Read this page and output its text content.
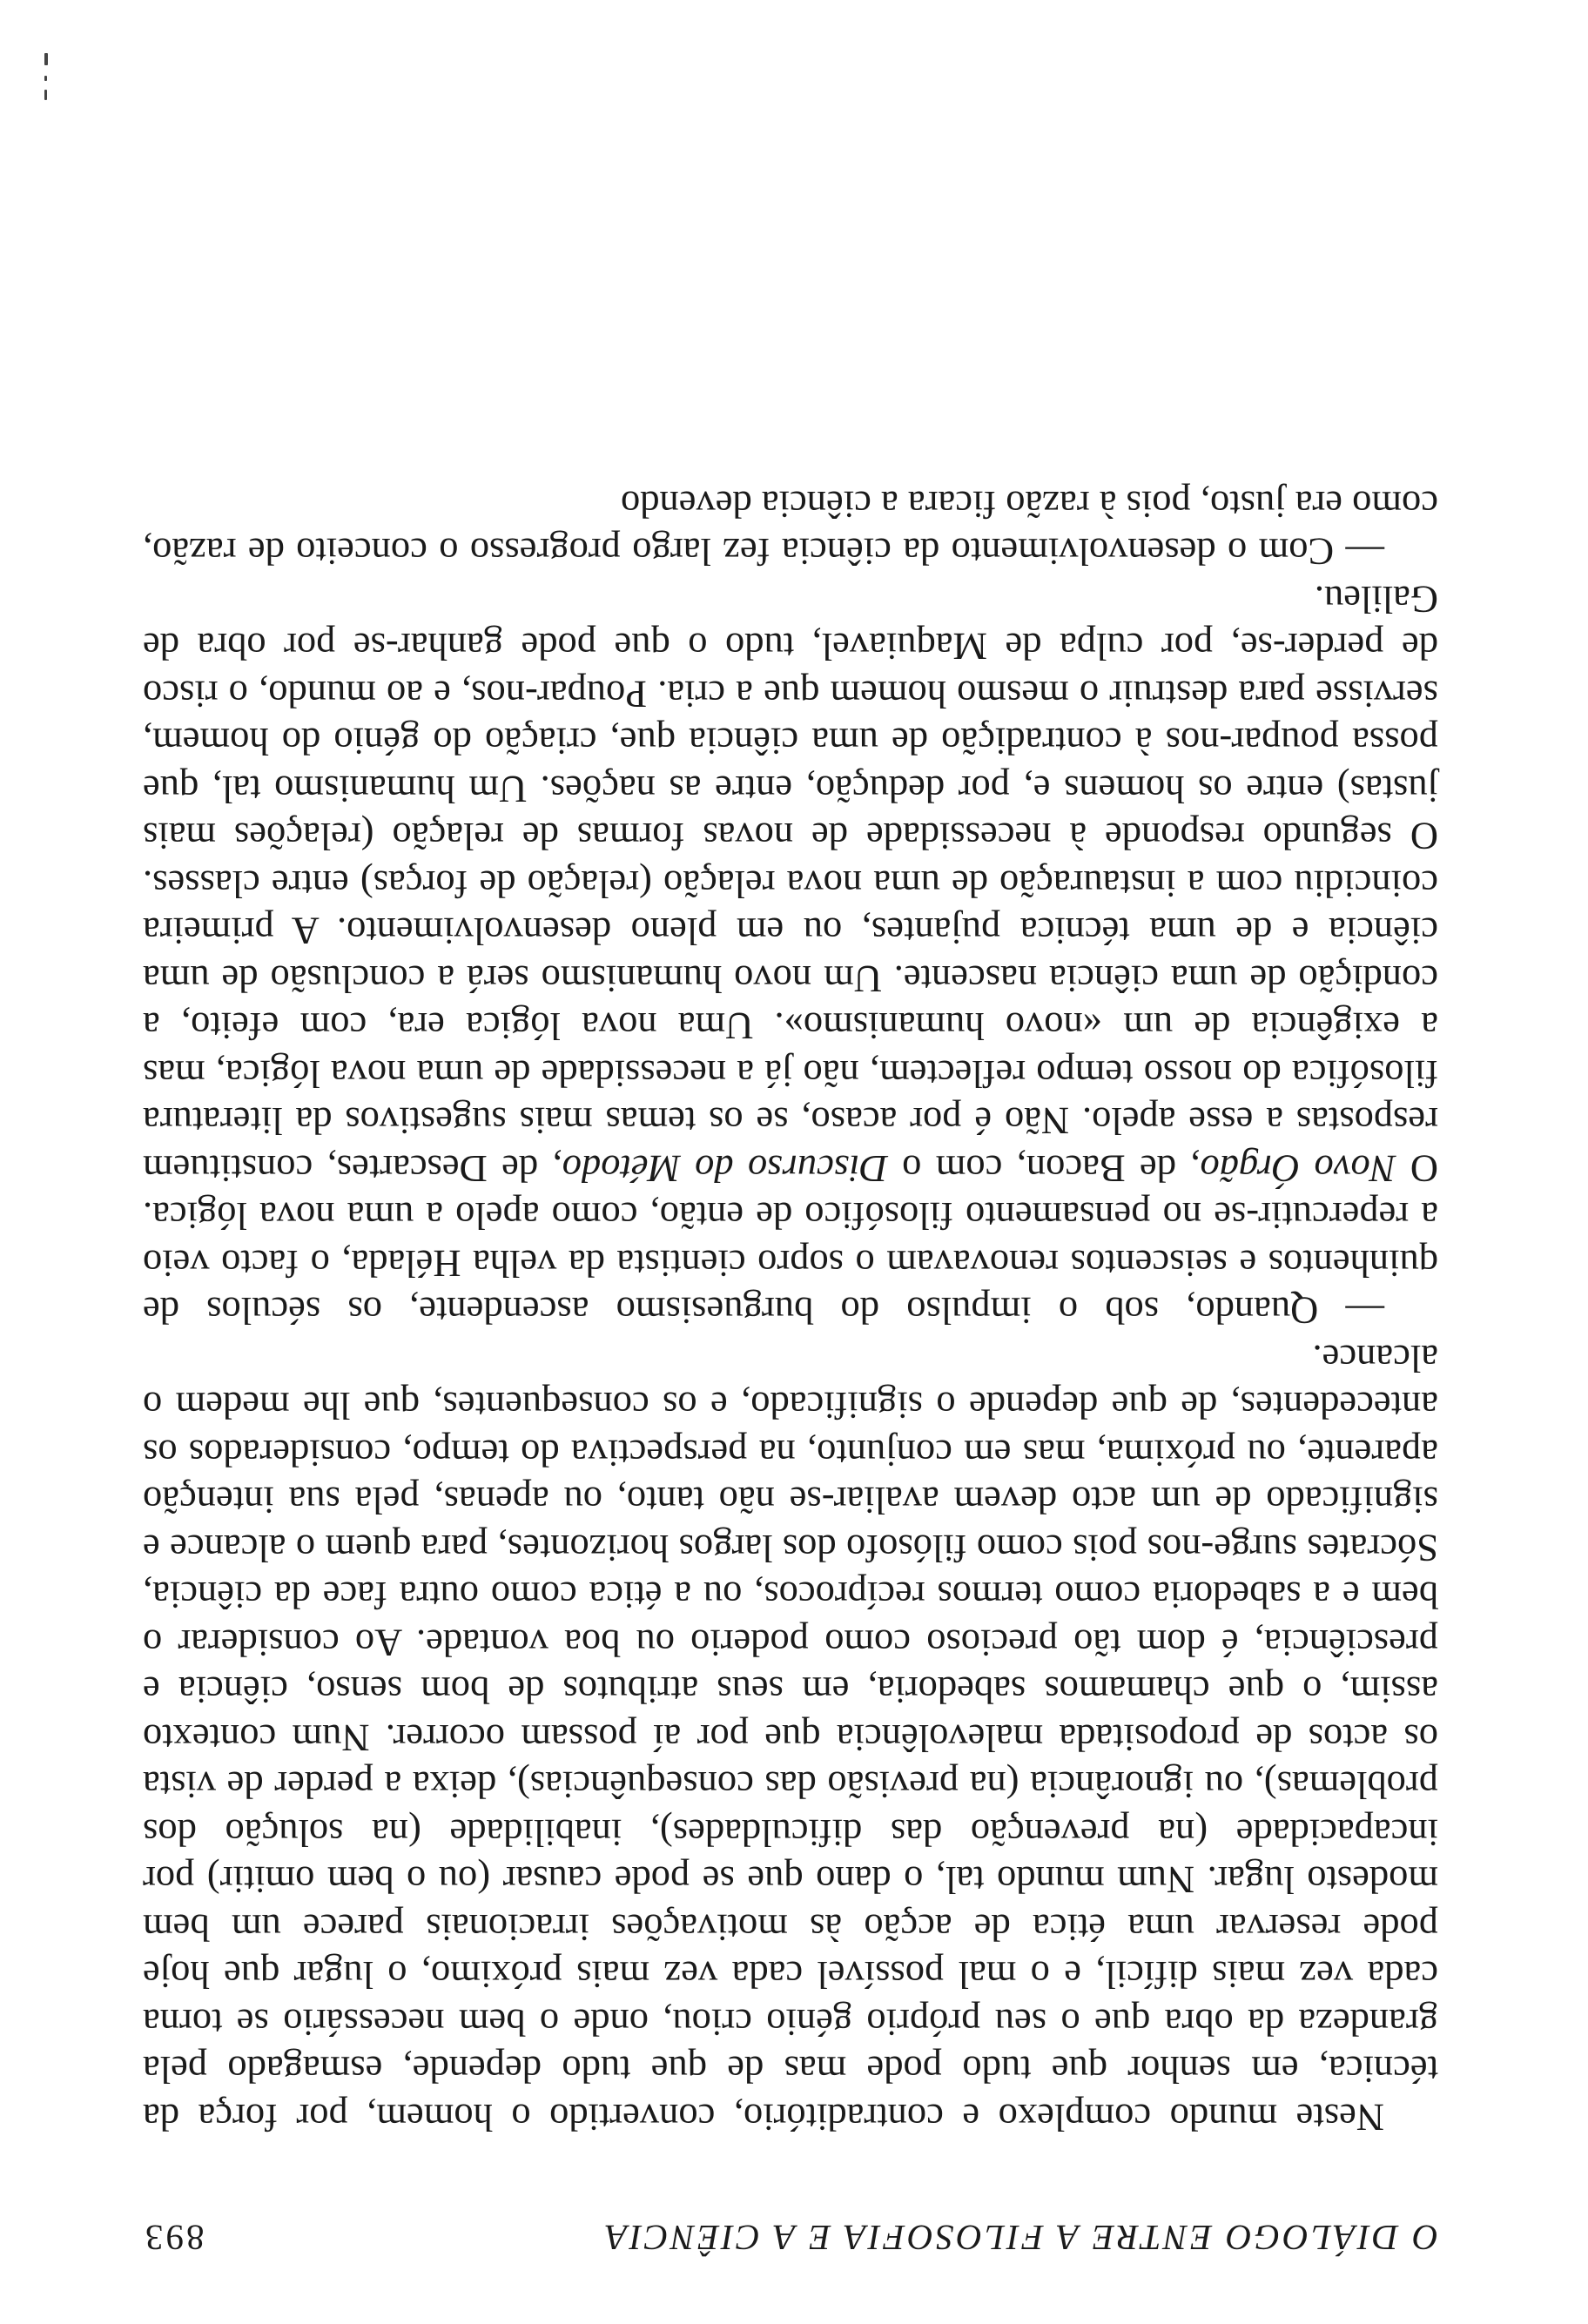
O DIÁLOGO ENTRE A FILOSOFIA E A CIÊNCIA
893

Neste mundo complexo e contraditório, convertido o homem, por força da técnica, em senhor que tudo pode mas de que tudo depende, esmagado pela grandeza da obra que o seu próprio génio criou, onde o bem necessário se torna cada vez mais difícil, e o mal possível cada vez mais próximo, o lugar que hoje pode reservar uma ética de acção às motivações irracionais parece um bem modesto lugar. Num mundo tal, o dano que se pode causar (ou o bem omitir) por incapacidade (na prevenção das dificuldades), inabilidade (na solução dos problemas), ou ignorância (na previsão das consequências), deixa a perder de vista os actos de propositada malevolência que por aí possam ocorrer. Num contexto assim, o que chamamos sabedoria, em seus atributos de bom senso, ciência e presciência, é dom tão precioso como poderio ou boa vontade. Ao considerar o bem e a sabedoria como termos recíprocos, ou a ética como outra face da ciência, Sócrates surge-nos pois como filósofo dos largos horizontes, para quem o alcance e significado de um acto devem avaliar-se não tanto, ou apenas, pela sua intenção aparente, ou próxima, mas em conjunto, na perspectiva do tempo, considerados os antecedentes, de que depende o significado, e os consequentes, que lhe medem o alcance.

— Quando, sob o impulso do burguesismo ascendente, os séculos de quinhentos e seiscentos renovavam o sopro cientista da velha Hélada, o facto veio a repercutir-se no pensamento filosófico de então, como apelo a uma nova lógica. O Novo Órgão, de Bacon, com o Discurso do Método, de Descartes, constituem respostas a esse apelo. Não é por acaso, se os temas mais sugestivos da literatura filosófica do nosso tempo reflectem, não já a necessidade de uma nova lógica, mas a exigência de um «novo humanismo». Uma nova lógica era, com efeito, a condição de uma ciência nascente. Um novo humanismo será a conclusão de uma ciência e de uma técnica pujantes, ou em pleno desenvolvimento. A primeira coincidiu com a instauração de uma nova relação (relação de forças) entre classes. O segundo responde à necessidade de novas formas de relação (relações mais justas) entre os homens e, por dedução, entre as nações. Um humanismo tal, que possa poupar-nos à contradição de uma ciência que, criação do génio do homem, servisse para destruir o mesmo homem que a cria. Poupar-nos, e ao mundo, o risco de perder-se, por culpa de Maquiavel, tudo o que pode ganhar-se por obra de Galileu.

— Com o desenvolvimento da ciência fez largo progresso o conceito de razão, como era justo, pois à razão ficara a ciência devendo
